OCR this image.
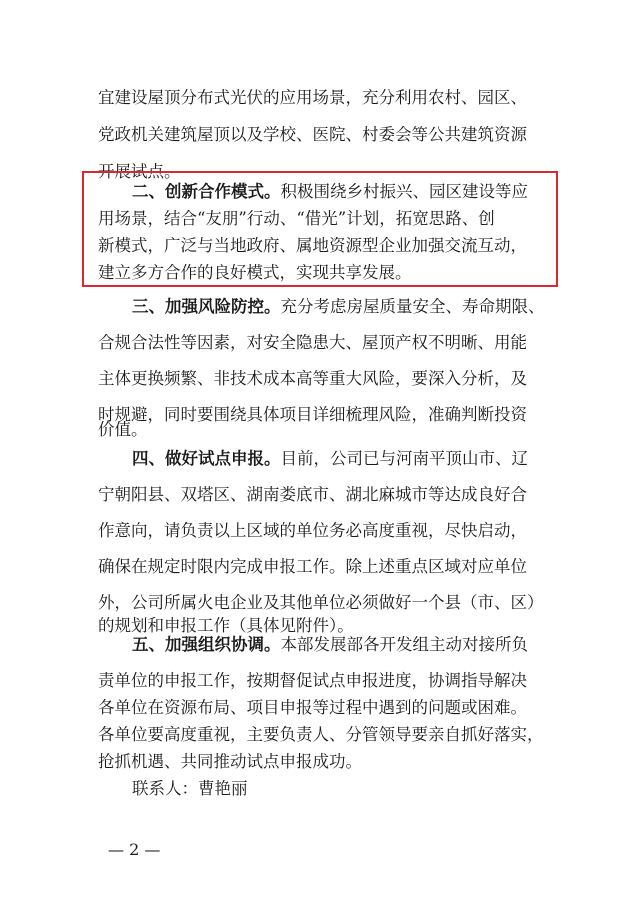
宜建设屋顶分布式光伏的应用场景，充分利用农村、园区、
党政机关建筑屋顶以及学校、医院、村委会等公共建筑资源
开展试点。
二、创新合作模式。积极围绕乡村振兴、园区建设等应
用场景，结合“友朋”行动、“借光”计划，拓宽思路、创
新模式，广泛与当地政府、属地资源型企业加强交流互动，
建立多方合作的良好模式，实现共享发展。
三、加强风险防控。充分考虑房屋质量安全、寿命期限、
合规合法性等因素，对安全隐患大、屋顶产权不明晰、用能
主体更换频繁、非技术成本高等重大风险，要深入分析，及
时规避，同时要围绕具体项目详细梳理风险，准确判断投资
价值。
四、做好试点申报。目前，公司已与河南平顶山市、辽
宁朝阳县、双塔区、湖南娄底市、湖北麻城市等达成良好合
作意向，请负责以上区域的单位务必高度重视，尽快启动，
确保在规定时限内完成申报工作。除上述重点区域对应单位
外，公司所属火电企业及其他单位必须做好一个县（市、区）
的规划和申报工作（具体见附件）。
五、加强组织协调。本部发展部各开发组主动对接所负
责单位的申报工作，按期督促试点申报进度，协调指导解决
各单位在资源布局、项目申报等过程中遇到的问题或困难。
各单位要高度重视，主要负责人、分管领导要亲自抓好落实，
抢抓机遇、共同推动试点申报成功。
联系人：曹艳丽
— 2 —
